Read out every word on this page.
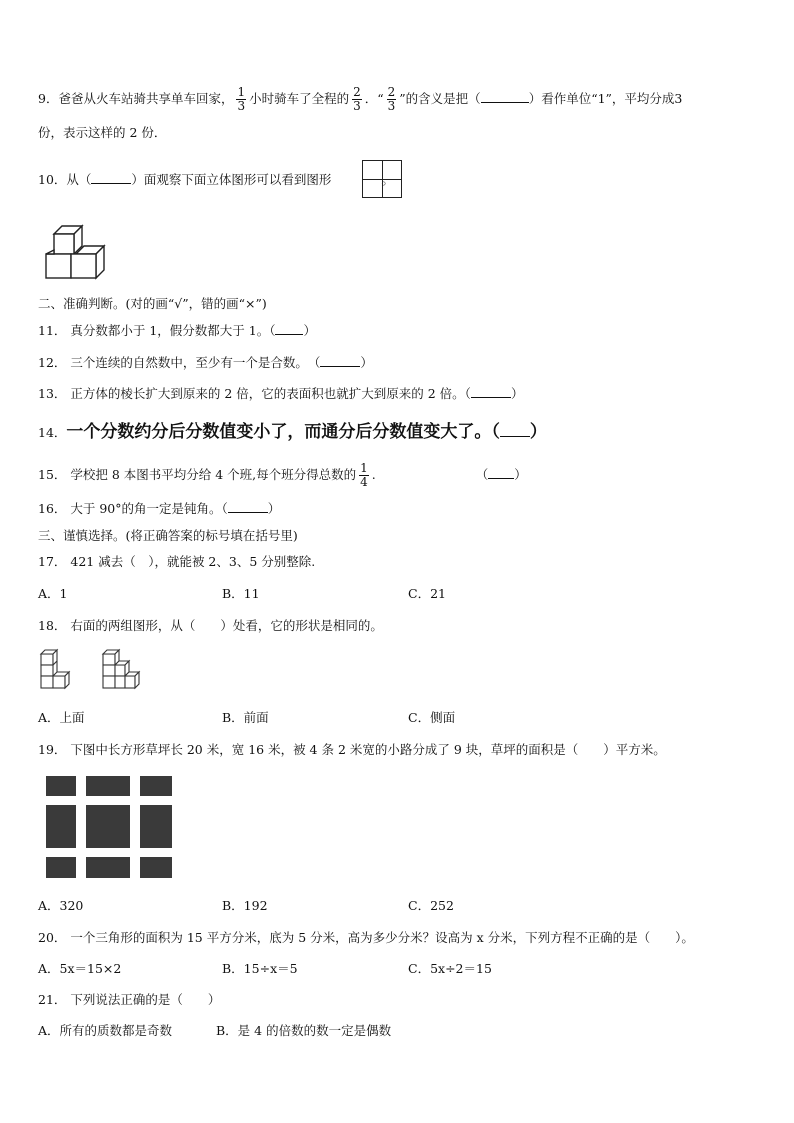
9．爸爸从火车站骑共享单车回家， $\frac{1}{3}$ 小时骑车了全程的 $\frac{2}{3}$ ．“ $\frac{2}{3}$ ”的含义是把（	）看作单位“1”，平均分成3
份，表示这样的 2 份．
10．从（	）面观察下面立体图形可以看到图形	。
二、准确判断。(对的画“√”，错的画“×”)
11． 真分数都小于 1，假分数都大于 1。（ ）
12． 三个连续的自然数中，至少有一个是合数。　（	）
13． 正方体的棱长扩大到原来的 2 倍，它的表面积也就扩大到原来的 2 倍。（	）
14．一个分数约分后分数值变小了，而通分后分数值变大了。（ ）
15． 学校把 8 本图书平均分给 4 个班,每个班分得总数的 $\frac{1}{4}$ .	（ ）
16． 大于 90°的角一定是钝角。（	）
三、谨慎选择。(将正确答案的标号填在括号里)
17． 421 减去（　），就能被 2、3、5 分别整除.
A．1	B．11	C．21
18． 右面的两组图形，从（　　）处看，它的形状是相同的。
A．上面	B．前面	C．侧面
19． 下图中长方形草坪长 20 米，宽 16 米，被 4 条 2 米宽的小路分成了 9 块，草坪的面积是（　　）平方米。
A．320	B．192	C．252
20． 一个三角形的面积为 15 平方分米，底为 5 分米，高为多少分米？设高为 x 分米，下列方程不正确的是（　　）。
A．5x＝15×2	B．15÷x＝5	C．5x÷2＝15
21． 下列说法正确的是（　　）
A．所有的质数都是奇数	B．是 4 的倍数的数一定是偶数
